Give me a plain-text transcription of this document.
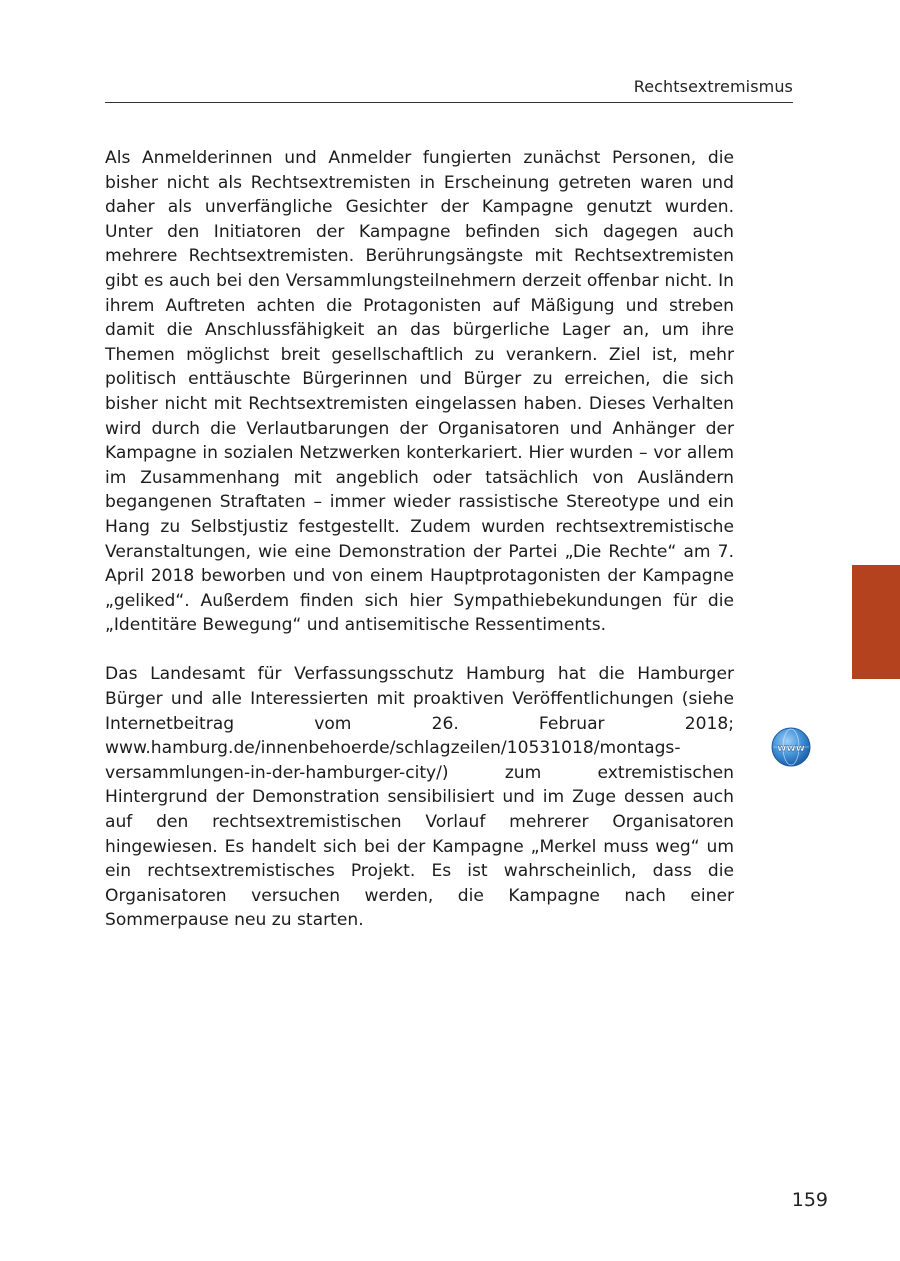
Rechtsextremismus

Als Anmelderinnen und Anmelder fungierten zunächst Personen, die bisher nicht als Rechtsextremisten in Erscheinung getreten waren und daher als unverfängliche Gesichter der Kampagne genutzt wurden. Unter den Initiatoren der Kampagne befinden sich dagegen auch mehrere Rechtsextremisten. Berührungsängste mit Rechtsextremisten gibt es auch bei den Versammlungsteilnehmern derzeit offenbar nicht. In ihrem Auftreten achten die Protagonisten auf Mäßigung und streben damit die Anschlussfähigkeit an das bürgerliche Lager an, um ihre Themen möglichst breit gesellschaftlich zu verankern. Ziel ist, mehr politisch enttäuschte Bürgerinnen und Bürger zu erreichen, die sich bisher nicht mit Rechtsextremisten eingelassen haben. Dieses Verhalten wird durch die Verlautbarungen der Organisatoren und Anhänger der Kampagne in sozialen Netzwerken konterkariert. Hier wurden – vor allem im Zusammenhang mit angeblich oder tatsächlich von Ausländern begangenen Straftaten – immer wieder rassistische Stereotype und ein Hang zu Selbstjustiz festgestellt. Zudem wurden rechtsextremistische Veranstaltungen, wie eine Demonstration der Partei „Die Rechte“ am 7. April 2018 beworben und von einem Hauptprotagonisten der Kampagne „geliked“. Außerdem finden sich hier Sympathiebekundungen für die „Identitäre Bewegung“ und antisemitische Ressentiments.

Das Landesamt für Verfassungsschutz Hamburg hat die Hamburger Bürger und alle Interessierten mit proaktiven Veröffentlichungen (siehe Internetbeitrag vom 26. Februar 2018; www.hamburg.de/innenbehoerde/schlagzeilen/10531018/montags-versammlungen-in-der-hamburger-city/) zum extremistischen Hintergrund der Demonstration sensibilisiert und im Zuge dessen auch auf den rechtsextremistischen Vorlauf mehrerer Organisatoren hingewiesen. Es handelt sich bei der Kampagne „Merkel muss weg“ um ein rechtsextremistisches Projekt. Es ist wahrscheinlich, dass die Organisatoren versuchen werden, die Kampagne nach einer Sommerpause neu zu starten.

www
159
